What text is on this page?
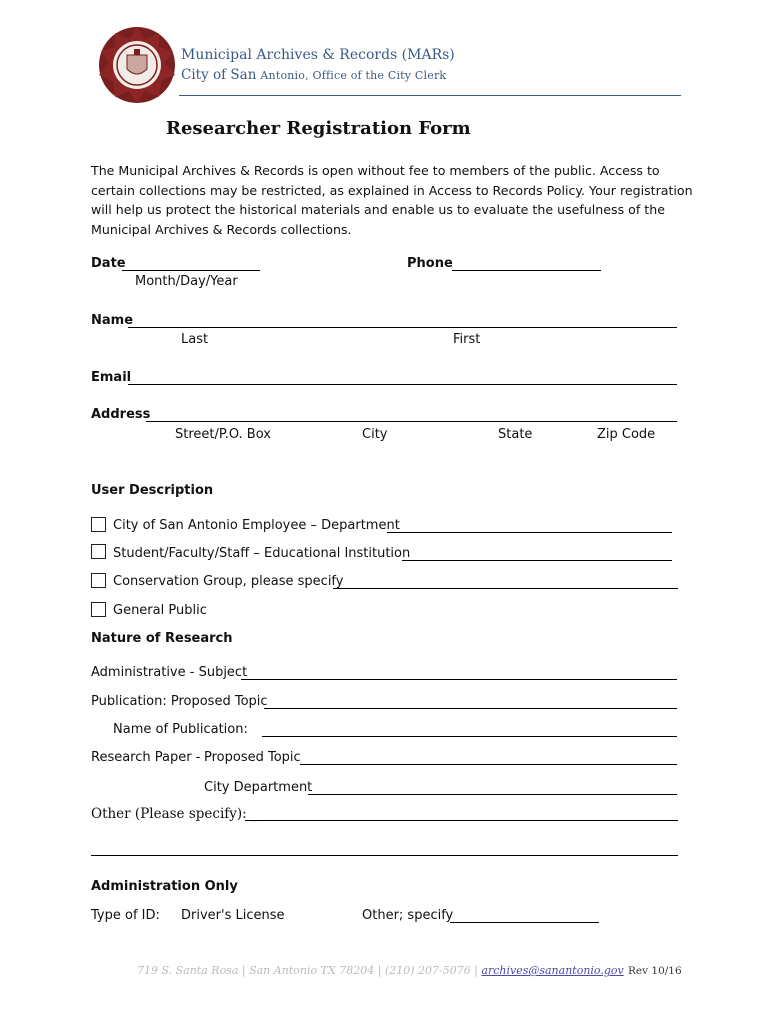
Municipal Archives & Records (MARs)
City of San Antonio, Office of the City Clerk
Researcher Registration Form
The Municipal Archives & Records is open without fee to members of the public. Access to
certain collections may be restricted, as explained in Access to Records Policy. Your registration
will help us protect the historical materials and enable us to evaluate the usefulness of the
Municipal Archives & Records collections.
Date
Month/Day/Year
Phone
Name
Last	First
Email
Address
Street/P.O. Box	City	State	Zip Code
User Description
City of San Antonio Employee – Department
Student/Faculty/Staff – Educational Institution
Conservation Group, please specify
General Public
Nature of Research
Administrative - Subject
Publication: Proposed Topic
Name of Publication:
Research Paper - Proposed Topic
City Department
Other (Please specify): _
Administration Only
Type of ID: Driver's License	Other; specify
719 S. Santa Rosa | San Antonio TX 78204 | (210) 207-5076 | archives@sanantonio.gov Rev 10/16
